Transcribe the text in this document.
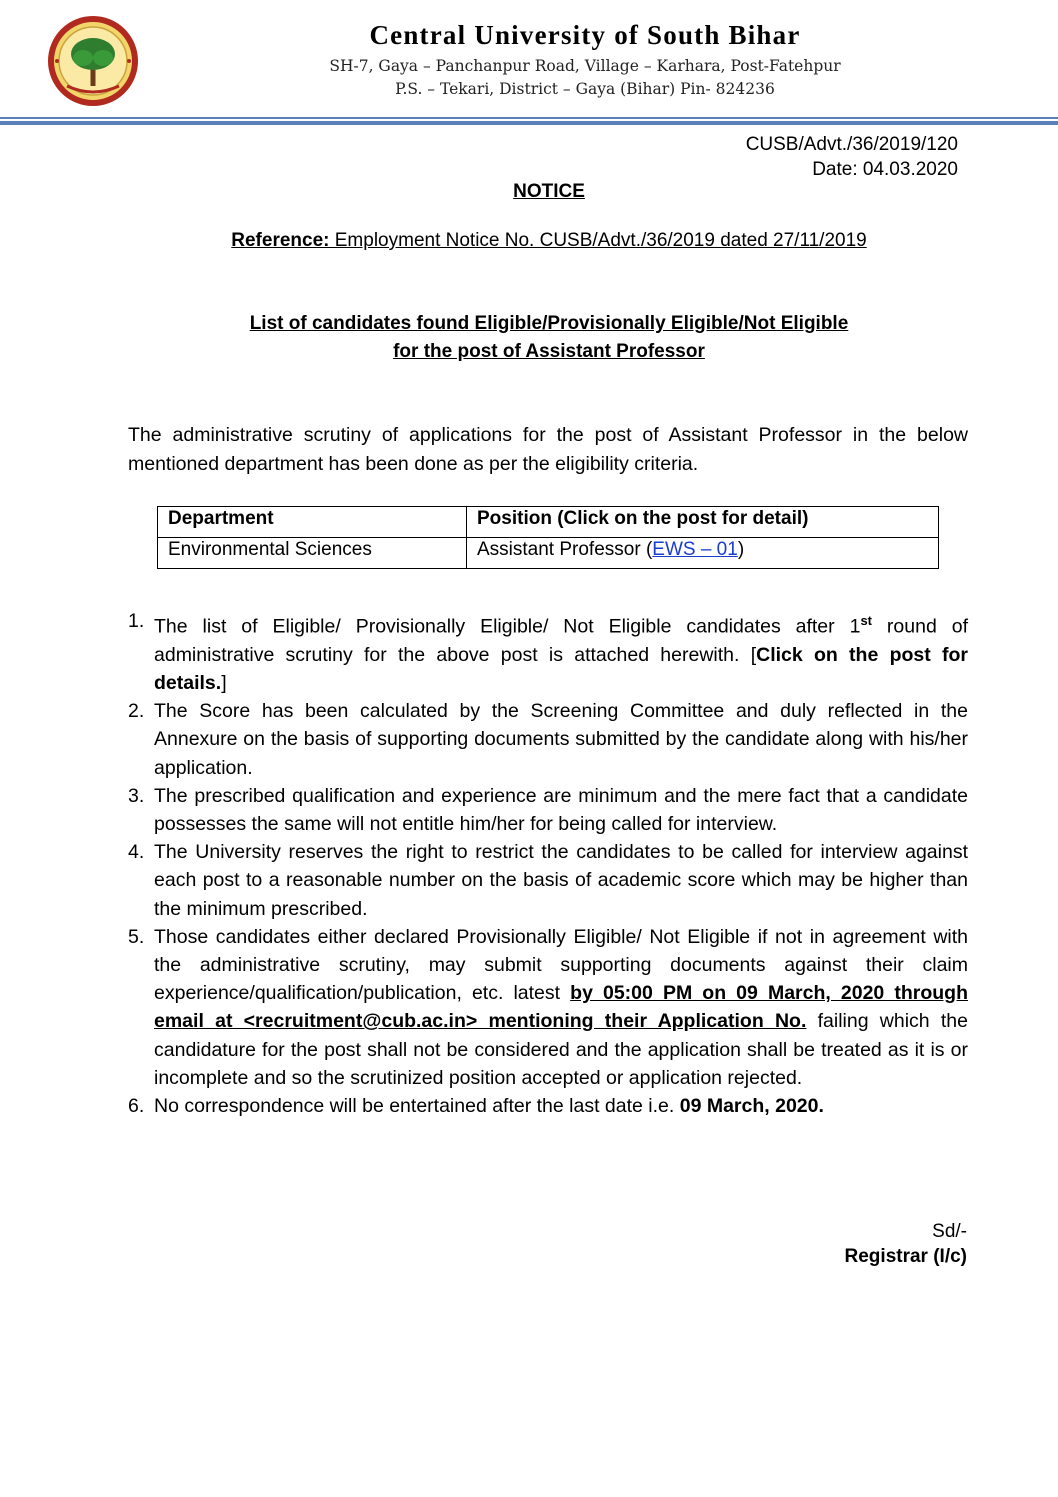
Central University of South Bihar
SH-7, Gaya – Panchanpur Road, Village – Karhara, Post-Fatehpur
P.S. – Tekari, District – Gaya (Bihar) Pin- 824236
CUSB/Advt./36/2019/120
Date: 04.03.2020
NOTICE
Reference: Employment Notice No. CUSB/Advt./36/2019 dated 27/11/2019
List of candidates found Eligible/Provisionally Eligible/Not Eligible
for the post of Assistant Professor
The administrative scrutiny of applications for the post of Assistant Professor in the below mentioned department has been done as per the eligibility criteria.
Department	Position (Click on the post for detail)
Environmental Sciences	Assistant Professor (EWS – 01)
1. The list of Eligible/ Provisionally Eligible/ Not Eligible candidates after 1st round of administrative scrutiny for the above post is attached herewith. [Click on the post for details.]
2. The Score has been calculated by the Screening Committee and duly reflected in the Annexure on the basis of supporting documents submitted by the candidate along with his/her application.
3. The prescribed qualification and experience are minimum and the mere fact that a candidate possesses the same will not entitle him/her for being called for interview.
4. The University reserves the right to restrict the candidates to be called for interview against each post to a reasonable number on the basis of academic score which may be higher than the minimum prescribed.
5. Those candidates either declared Provisionally Eligible/ Not Eligible if not in agreement with the administrative scrutiny, may submit supporting documents against their claim experience/qualification/publication, etc. latest by 05:00 PM on 09 March, 2020 through email at <recruitment@cub.ac.in> mentioning their Application No. failing which the candidature for the post shall not be considered and the application shall be treated as it is or incomplete and so the scrutinized position accepted or application rejected.
6. No correspondence will be entertained after the last date i.e. 09 March, 2020.
Sd/-
Registrar (I/c)
